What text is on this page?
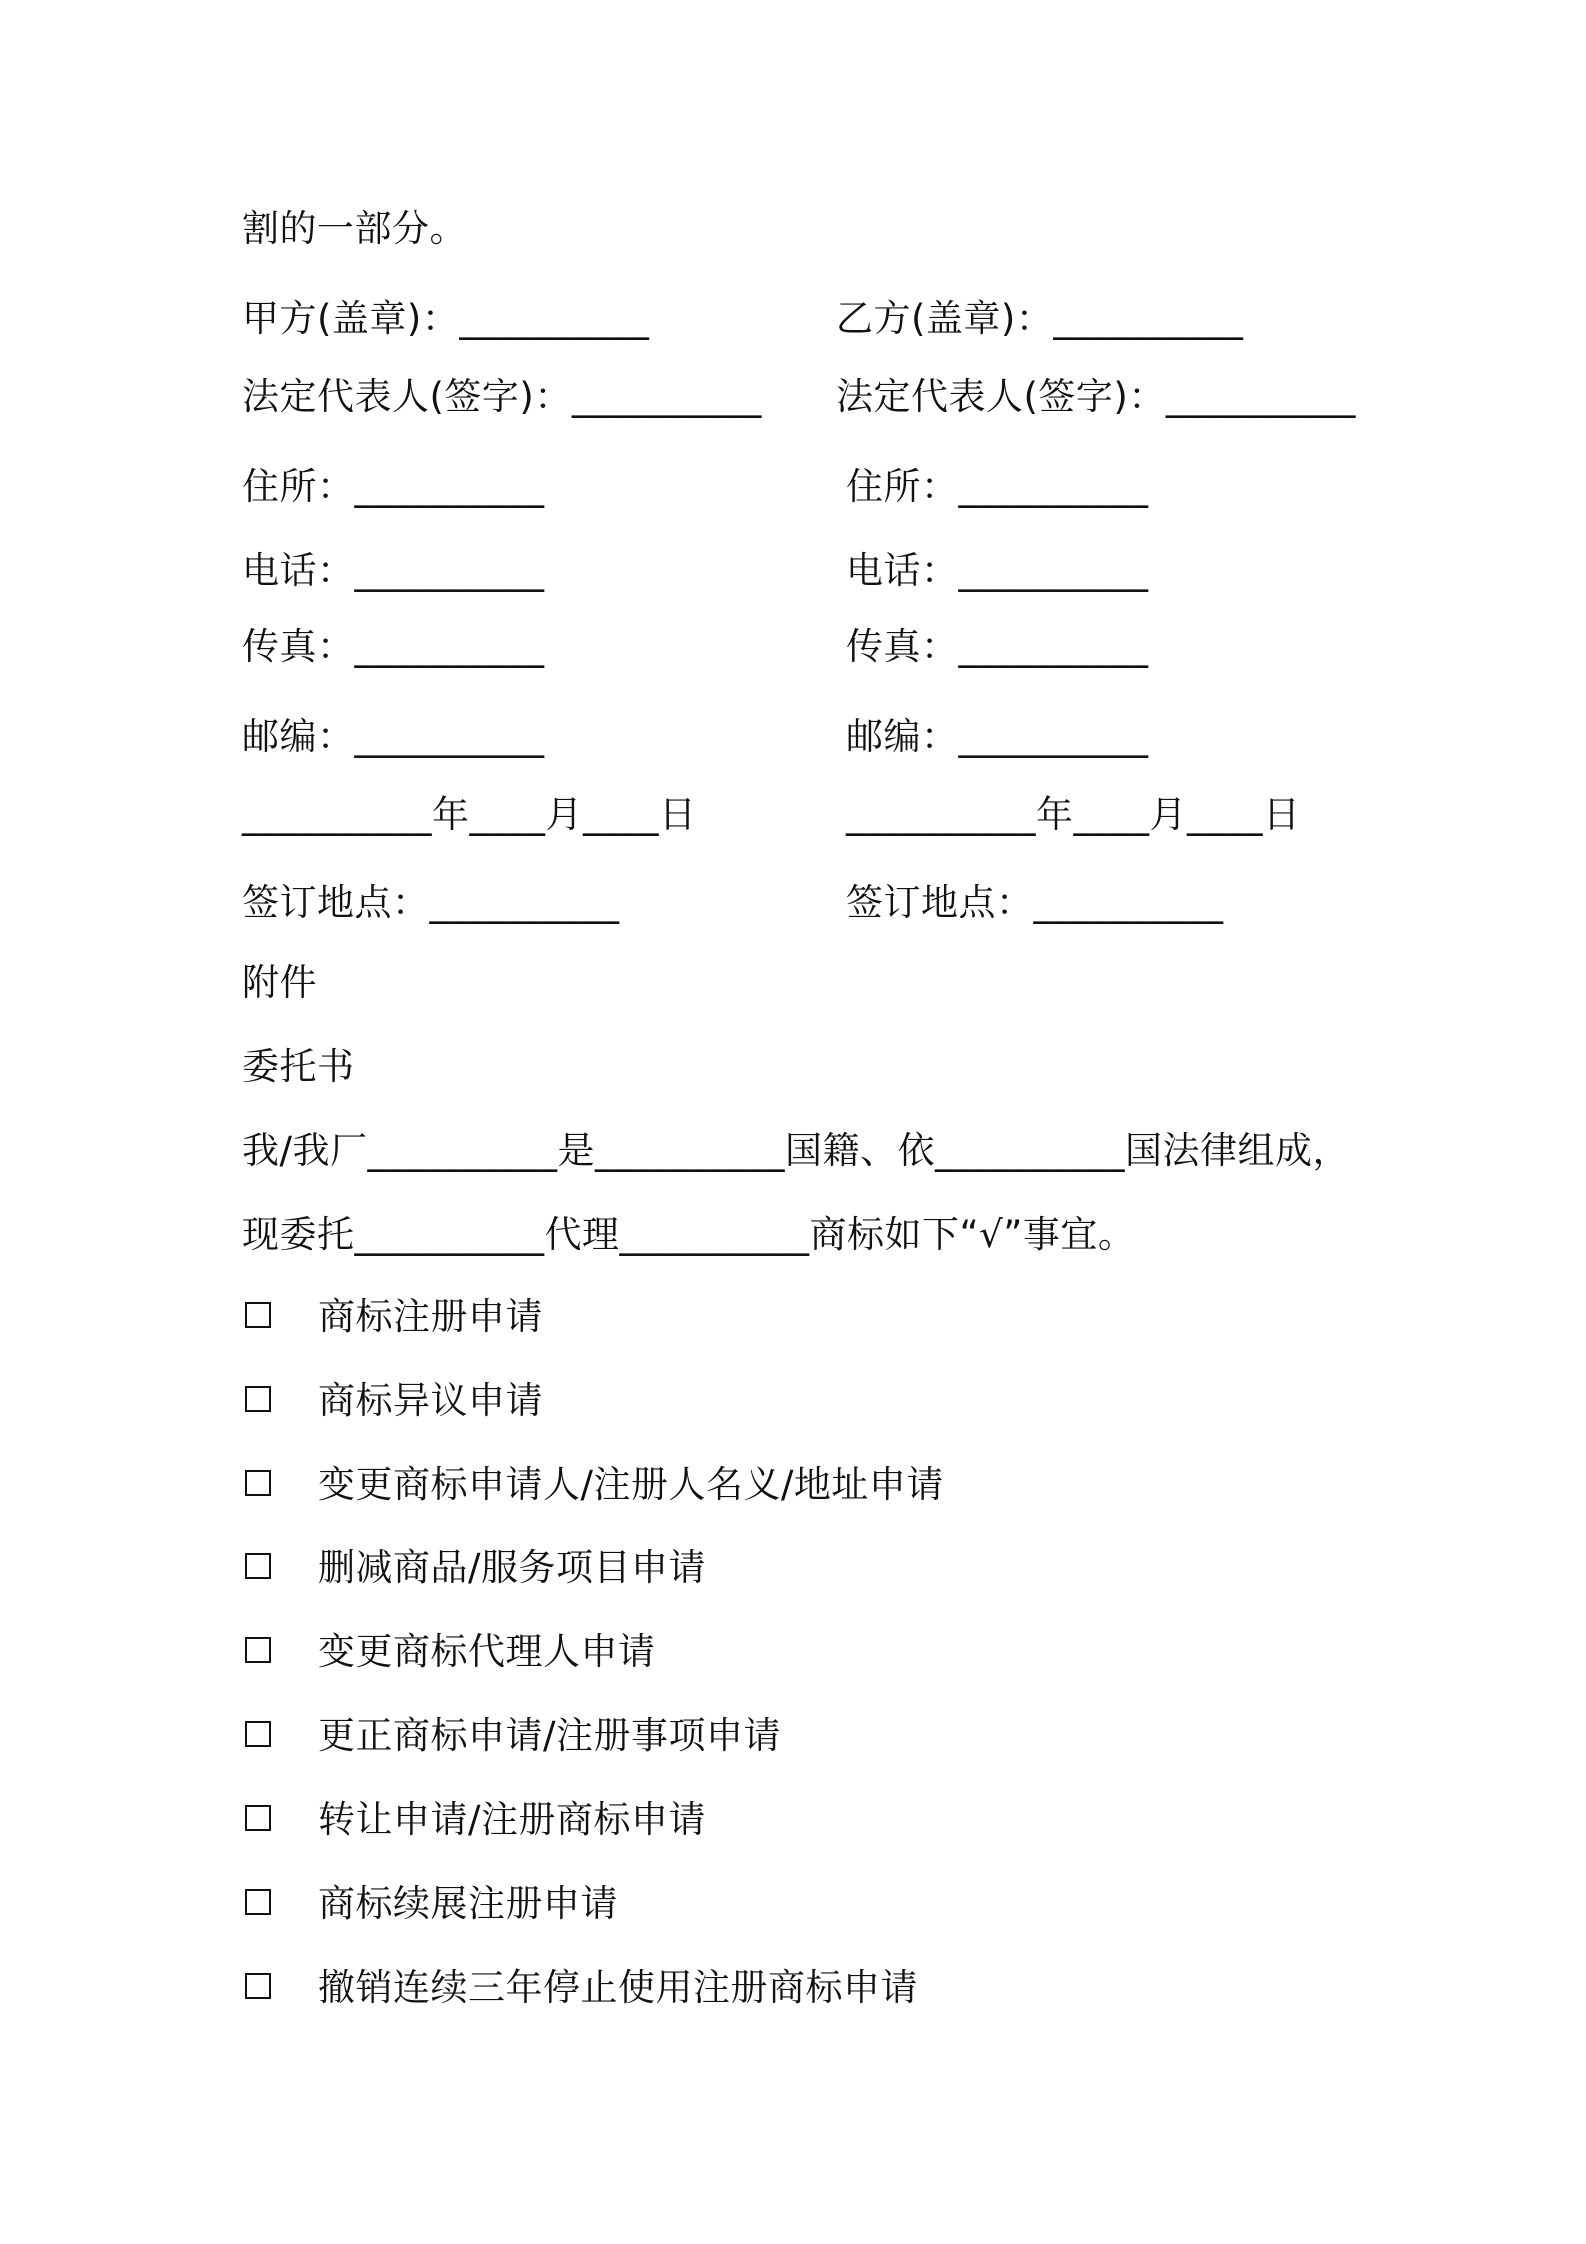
割的一部分。
甲方(盖章)：__________
法定代表人(签字)：__________
住所：__________
电话：__________
传真：__________
邮编：__________
__________年____月____日
签订地点：__________
乙方(盖章)：__________
法定代表人(签字)：__________
住所：__________
电话：__________
传真：__________
邮编：__________
__________年____月____日
签订地点：__________
附件
委托书
我/我厂__________是__________国籍、依__________国法律组成，
现委托__________代理__________商标如下“√”事宜。
商标注册申请
商标异议申请
变更商标申请人/注册人名义/地址申请
删减商品/服务项目申请
变更商标代理人申请
更正商标申请/注册事项申请
转让申请/注册商标申请
商标续展注册申请
撤销连续三年停止使用注册商标申请
